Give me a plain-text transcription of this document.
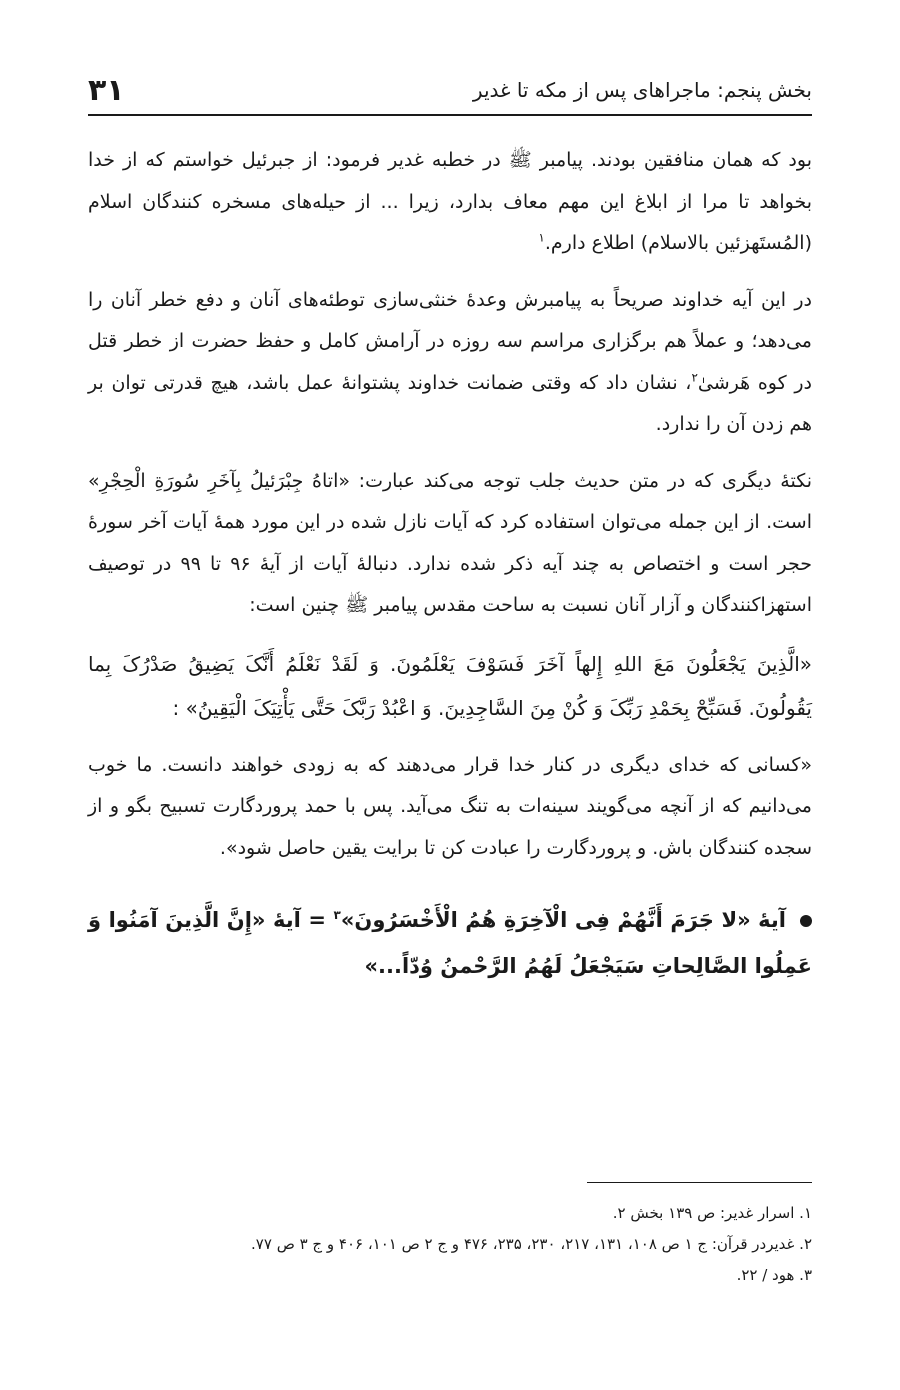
بخش پنجم: ماجراهای پس از مکه تا غدیر
۳۱

بود که همان منافقین بودند. پیامبر ﷺ در خطبه غدیر فرمود: از جبرئیل خواستم که از خدا بخواهد تا مرا از ابلاغ این مهم معاف بدارد، زیرا ... از حیله‌های مسخره کنندگان اسلام (المُستَهزئین بالاسلام) اطلاع دارم.$^۱$

در این آیه خداوند صریحاً به پیامبرش وعدهٔ خنثی‌سازی توطئه‌های آنان و دفع خطر آنان را می‌دهد؛ و عملاً هم برگزاری مراسم سه روزه در آرامش کامل و حفظ حضرت از خطر قتل در کوه هَرشیٰ$^۲$، نشان داد که وقتی ضمانت خداوند پشتوانهٔ عمل باشد، هیچ قدرتی توان بر هم زدن آن را ندارد.

نکتهٔ دیگری که در متن حدیث جلب توجه می‌کند عبارت: «اتاهُ جِبْرَئیلُ بِآخَرِ سُورَةِ الْحِجْرِ» است. از این جمله می‌توان استفاده کرد که آیات نازل شده در این مورد همهٔ آیات آخر سورهٔ حجر است و اختصاص به چند آیه ذکر شده ندارد. دنبالهٔ آیات از آیهٔ ۹۶ تا ۹۹ در توصیف استهزاکنندگان و آزار آنان نسبت به ساحت مقدس پیامبر ﷺ چنین است:

«الَّذِینَ یَجْعَلُونَ مَعَ اللهِ إِلهاً آخَرَ فَسَوْفَ یَعْلَمُونَ. وَ لَقَدْ نَعْلَمُ أَنَّکَ یَضِیقُ صَدْرُکَ بِما یَقُولُونَ. فَسَبِّحْ بِحَمْدِ رَبِّکَ وَ کُنْ مِنَ السَّاجِدِینَ. وَ اعْبُدْ رَبَّکَ حَتَّی یَأْتِیَکَ الْیَقِینُ» :

«کسانی که خدای دیگری در کنار خدا قرار می‌دهند که به زودی خواهند دانست. ما خوب می‌دانیم که از آنچه می‌گویند سینه‌ات به تنگ می‌آید. پس با حمد پروردگارت تسبیح بگو و از سجده کنندگان باش. و پروردگارت را عبادت کن تا برایت یقین حاصل شود».

آیهٔ «لا جَرَمَ أَنَّهُمْ فِی الْآخِرَةِ هُمُ الْأَخْسَرُونَ»$^۳$ = آیهٔ «إِنَّ الَّذِینَ آمَنُوا وَ عَمِلُوا الصَّالِحاتِ سَیَجْعَلُ لَهُمُ الرَّحْمنُ وُدّاً...»

۱. اسرار غدیر: ص ۱۳۹ بخش ۲.

۲. غدیردر قرآن: ج ۱ ص ۱۰۸، ۱۳۱، ۲۱۷، ۲۳۰، ۲۳۵، ۴۷۶ و ج ۲ ص ۱۰۱، ۴۰۶ و ج ۳ ص ۷۷.

۳. هود / ۲۲.
